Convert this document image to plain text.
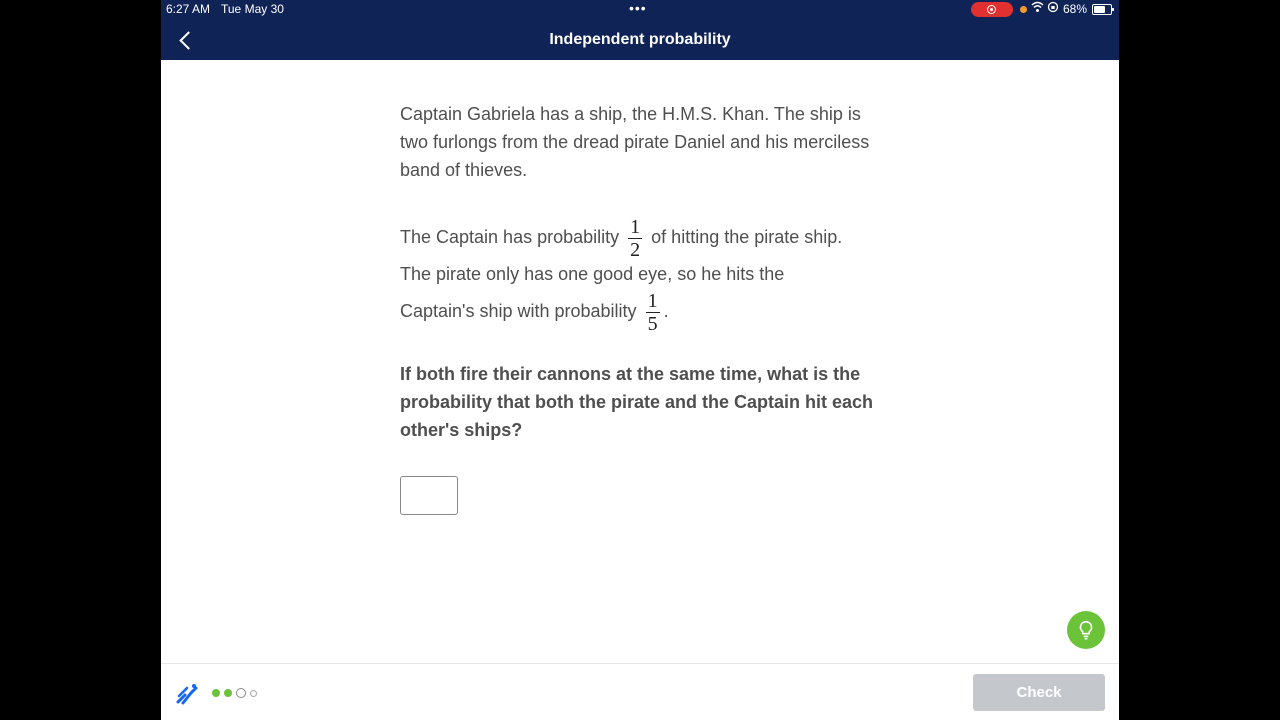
6:27 AM Tue May 30	•••	68%
Independent probability

Captain Gabriela has a ship, the H.M.S. Khan. The ship is two furlongs from the dread pirate Daniel and his merciless band of thieves.

The Captain has probability $\frac{1}{2}$ of hitting the pirate ship.
The pirate only has one good eye, so he hits the
Captain's ship with probability $\frac{1}{5}$ .

If both fire their cannons at the same time, what is the probability that both the pirate and the Captain hit each other's ships?

Check
